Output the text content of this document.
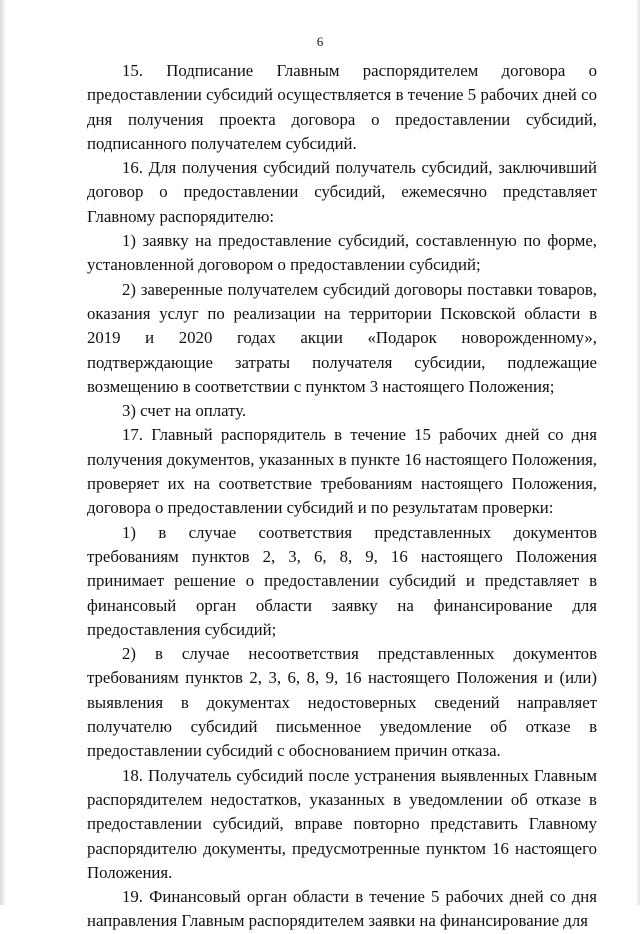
6

15. Подписание Главным распорядителем договора о предоставлении субсидий осуществляется в течение 5 рабочих дней со дня получения проекта договора о предоставлении субсидий, подписанного получателем субсидий.

16. Для получения субсидий получатель субсидий, заключивший договор о предоставлении субсидий, ежемесячно представляет Главному распорядителю:

1) заявку на предоставление субсидий, составленную по форме, установленной договором о предоставлении субсидий;

2) заверенные получателем субсидий договоры поставки товаров, оказания услуг по реализации на территории Псковской области в 2019 и 2020 годах акции «Подарок новорожденному», подтверждающие затраты получателя субсидии, подлежащие возмещению в соответствии с пунктом 3 настоящего Положения;

3) счет на оплату.

17. Главный распорядитель в течение 15 рабочих дней со дня получения документов, указанных в пункте 16 настоящего Положения, проверяет их на соответствие требованиям настоящего Положения, договора о предоставлении субсидий и по результатам проверки:

1) в случае соответствия представленных документов требованиям пунктов 2, 3, 6, 8, 9, 16 настоящего Положения принимает решение о предоставлении субсидий и представляет в финансовый орган области заявку на финансирование для предоставления субсидий;

2) в случае несоответствия представленных документов требованиям пунктов 2, 3, 6, 8, 9, 16 настоящего Положения и (или) выявления в документах недостоверных сведений направляет получателю субсидий письменное уведомление об отказе в предоставлении субсидий с обоснованием причин отказа.

18. Получатель субсидий после устранения выявленных Главным распорядителем недостатков, указанных в уведомлении об отказе в предоставлении субсидий, вправе повторно представить Главному распорядителю документы, предусмотренные пунктом 16 настоящего Положения.

19. Финансовый орган области в течение 5 рабочих дней со дня направления Главным распорядителем заявки на финансирование для
